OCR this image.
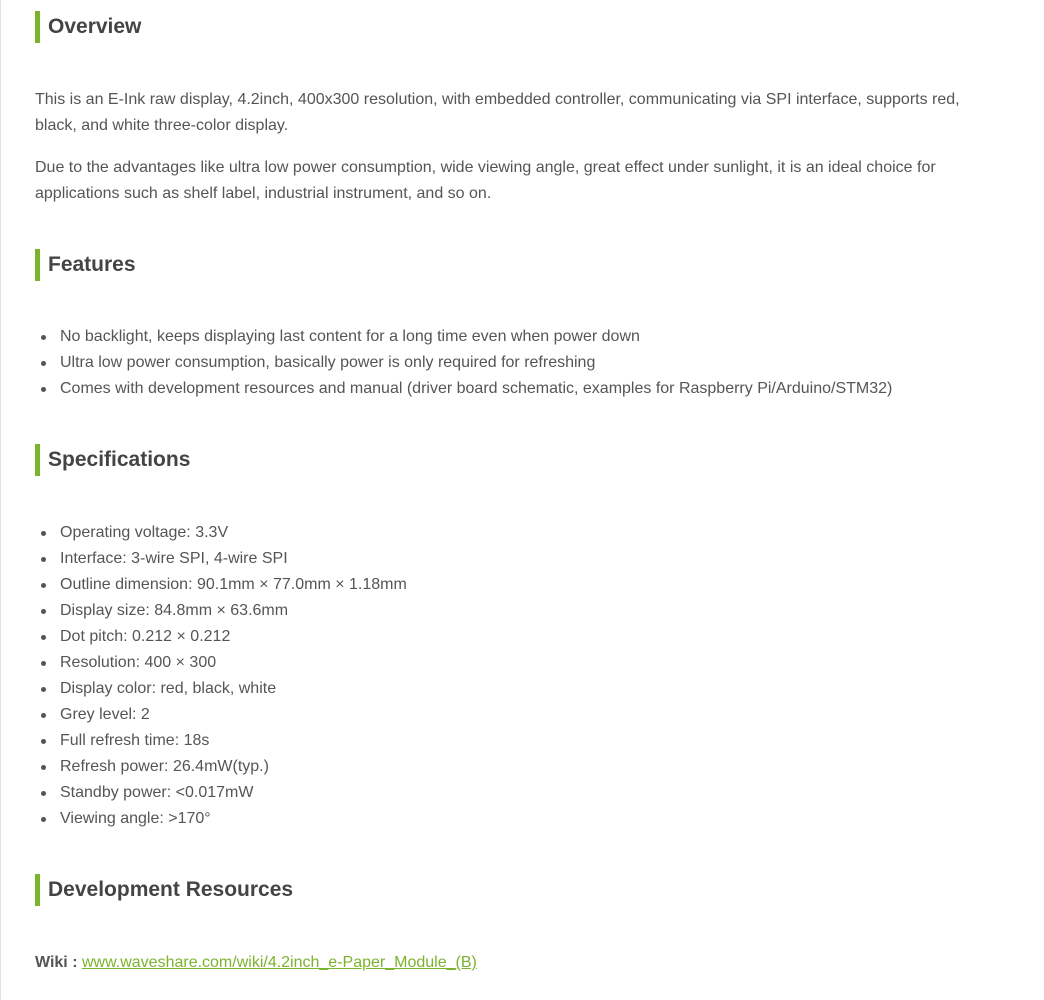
Overview

This is an E-Ink raw display, 4.2inch, 400x300 resolution, with embedded controller, communicating via SPI interface, supports red, black, and white three-color display.

Due to the advantages like ultra low power consumption, wide viewing angle, great effect under sunlight, it is an ideal choice for applications such as shelf label, industrial instrument, and so on.

Features
No backlight, keeps displaying last content for a long time even when power down
Ultra low power consumption, basically power is only required for refreshing
Comes with development resources and manual (driver board schematic, examples for Raspberry Pi/Arduino/STM32)
Specifications
Operating voltage: 3.3V
Interface: 3-wire SPI, 4-wire SPI
Outline dimension: 90.1mm × 77.0mm × 1.18mm
Display size: 84.8mm × 63.6mm
Dot pitch: 0.212 × 0.212
Resolution: 400 × 300
Display color: red, black, white
Grey level: 2
Full refresh time: 18s
Refresh power: 26.4mW(typ.)
Standby power: <0.017mW
Viewing angle: >170°
Development Resources
Wiki : www.waveshare.com/wiki/4.2inch_e-Paper_Module_(B)
